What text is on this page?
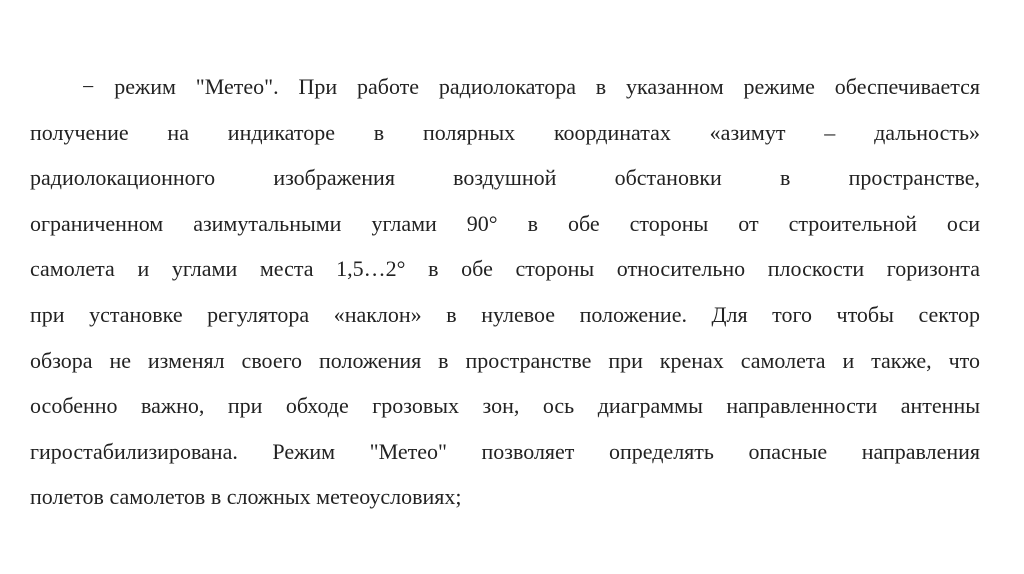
− режим "Метео". При работе радиолокатора в указанном режиме обеспечивается
получение на индикаторе в полярных координатах «азимут – дальность»
радиолокационного изображения воздушной обстановки в пространстве,
ограниченном азимутальными углами 90° в обе стороны от строительной оси
самолета и углами места 1,5…2° в обе стороны относительно плоскости горизонта
при установке регулятора «наклон» в нулевое положение. Для того чтобы сектор
обзора не изменял своего положения в пространстве при кренах самолета и также, что
особенно важно, при обходе грозовых зон, ось диаграммы направленности антенны
гиростабилизирована. Режим "Метео" позволяет определять опасные направления
полетов самолетов в сложных метеоусловиях;
